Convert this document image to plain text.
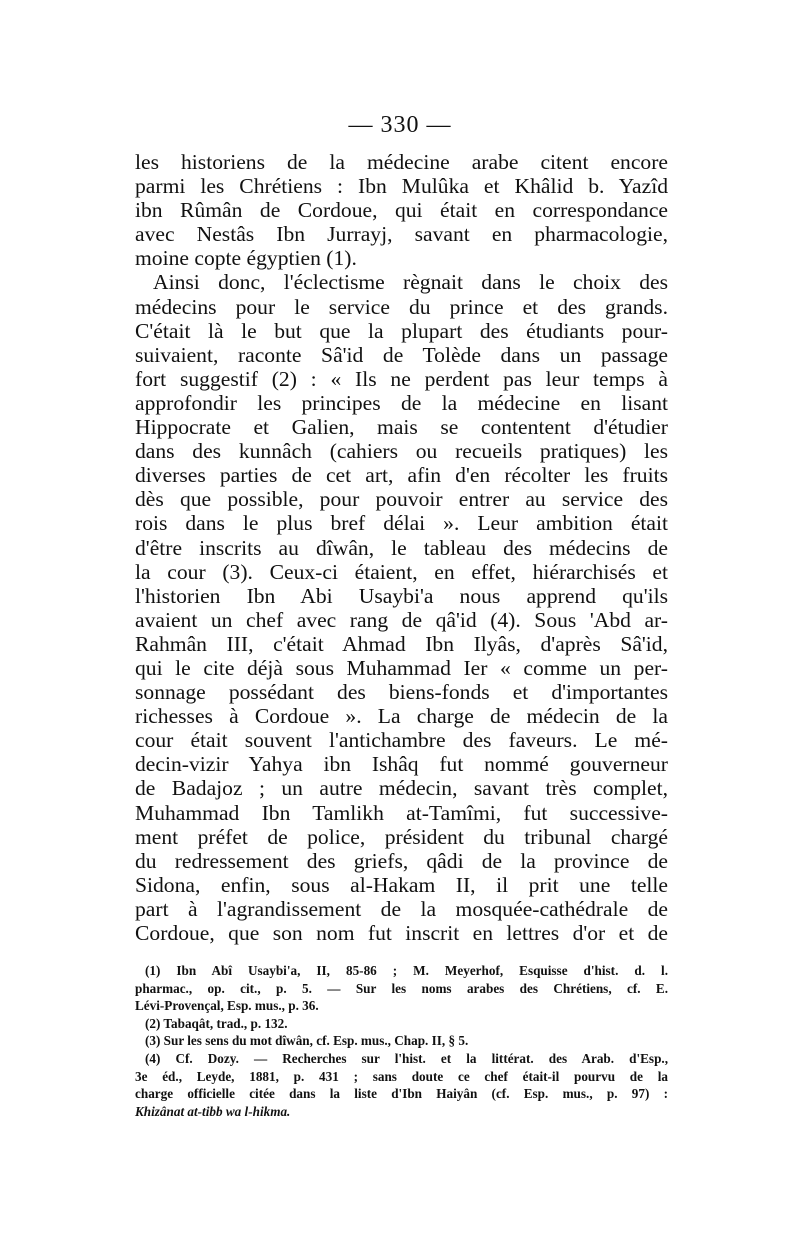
— 330 —
les historiens de la médecine arabe citent encore
parmi les Chrétiens : Ibn Mulûka et Khâlid b. Yazîd
ibn Rûmân de Cordoue, qui était en correspondance
avec Nestâs Ibn Jurrayj, savant en pharmacologie,
moine copte égyptien (1).
Ainsi donc, l'éclectisme règnait dans le choix des
médecins pour le service du prince et des grands.
C'était là le but que la plupart des étudiants pour-
suivaient, raconte Sâ'id de Tolède dans un passage
fort suggestif (2) : « Ils ne perdent pas leur temps à
approfondir les principes de la médecine en lisant
Hippocrate et Galien, mais se contentent d'étudier
dans des kunnâch (cahiers ou recueils pratiques) les
diverses parties de cet art, afin d'en récolter les fruits
dès que possible, pour pouvoir entrer au service des
rois dans le plus bref délai ». Leur ambition était
d'être inscrits au dîwân, le tableau des médecins de
la cour (3). Ceux-ci étaient, en effet, hiérarchisés et
l'historien Ibn Abi Usaybi'a nous apprend qu'ils
avaient un chef avec rang de qâ'id (4). Sous 'Abd ar-
Rahmân III, c'était Ahmad Ibn Ilyâs, d'après Sâ'id,
qui le cite déjà sous Muhammad Ier « comme un per-
sonnage possédant des biens-fonds et d'importantes
richesses à Cordoue ». La charge de médecin de la
cour était souvent l'antichambre des faveurs. Le mé-
decin-vizir Yahya ibn Ishâq fut nommé gouverneur
de Badajoz ; un autre médecin, savant très complet,
Muhammad Ibn Tamlikh at-Tamîmi, fut successive-
ment préfet de police, président du tribunal chargé
du redressement des griefs, qâdi de la province de
Sidona, enfin, sous al-Hakam II, il prit une telle
part à l'agrandissement de la mosquée-cathédrale de
Cordoue, que son nom fut inscrit en lettres d'or et de
(1) Ibn Abî Usaybi'a, II, 85-86 ; M. Meyerhof, Esquisse d'hist. d. l.
pharmac., op. cit., p. 5. — Sur les noms arabes des Chrétiens, cf. E.
Lévi-Provençal, Esp. mus., p. 36.
(2) Tabaqât, trad., p. 132.
(3) Sur les sens du mot dîwân, cf. Esp. mus., Chap. II, § 5.
(4) Cf. Dozy. — Recherches sur l'hist. et la littérat. des Arab. d'Esp.,
3e éd., Leyde, 1881, p. 431 ; sans doute ce chef était-il pourvu de la
charge officielle citée dans la liste d'Ibn Haiyân (cf. Esp. mus., p. 97) :
Khizânat at-tibb wa l-hikma.
